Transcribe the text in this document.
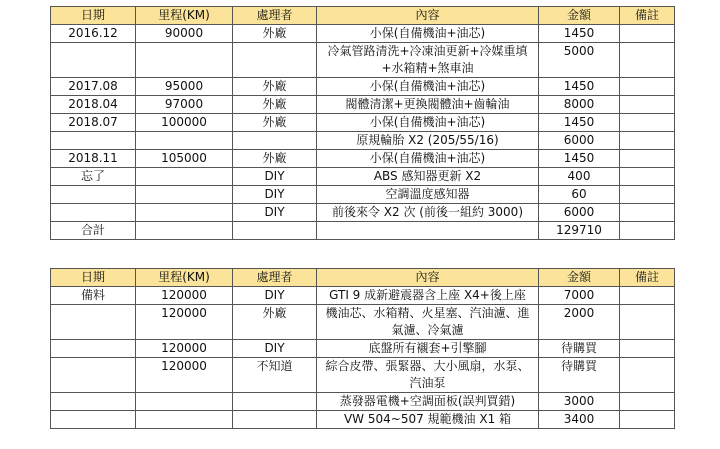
日期	里程(KM)	處理者	內容	金額	備註
2016.12	90000	外廠	小保(自備機油+油芯)	1450	
			冷氣管路清洗+冷凍油更新+冷媒重填+水箱精+煞車油	5000	
2017.08	95000	外廠	小保(自備機油+油芯)	1450	
2018.04	97000	外廠	閥體清潔+更換閥體油+齒輪油	8000	
2018.07	100000	外廠	小保(自備機油+油芯)	1450	
			原規輪胎 X2 (205/55/16)	6000	
2018.11	105000	外廠	小保(自備機油+油芯)	1450	
忘了		DIY	ABS 感知器更新 X2	400	
		DIY	空調溫度感知器	60	
		DIY	前後來令 X2 次 (前後一組約 3000)	6000	
合計				129710	
日期	里程(KM)	處理者	內容	金額	備註
備料	120000	DIY	GTI 9 成新避震器含上座 X4+後上座	7000	
	120000	外廠	機油芯、水箱精、火星塞、汽油濾、進氣濾、冷氣濾	2000	
	120000	DIY	底盤所有襯套+引擎腳	待購買	
	120000	不知道	綜合皮帶、張緊器、大小風扇，水泵、汽油泵	待購買	
			蒸發器電機+空調面板(誤判買錯)	3000	
			VW 504~507 規範機油 X1 箱	3400	
